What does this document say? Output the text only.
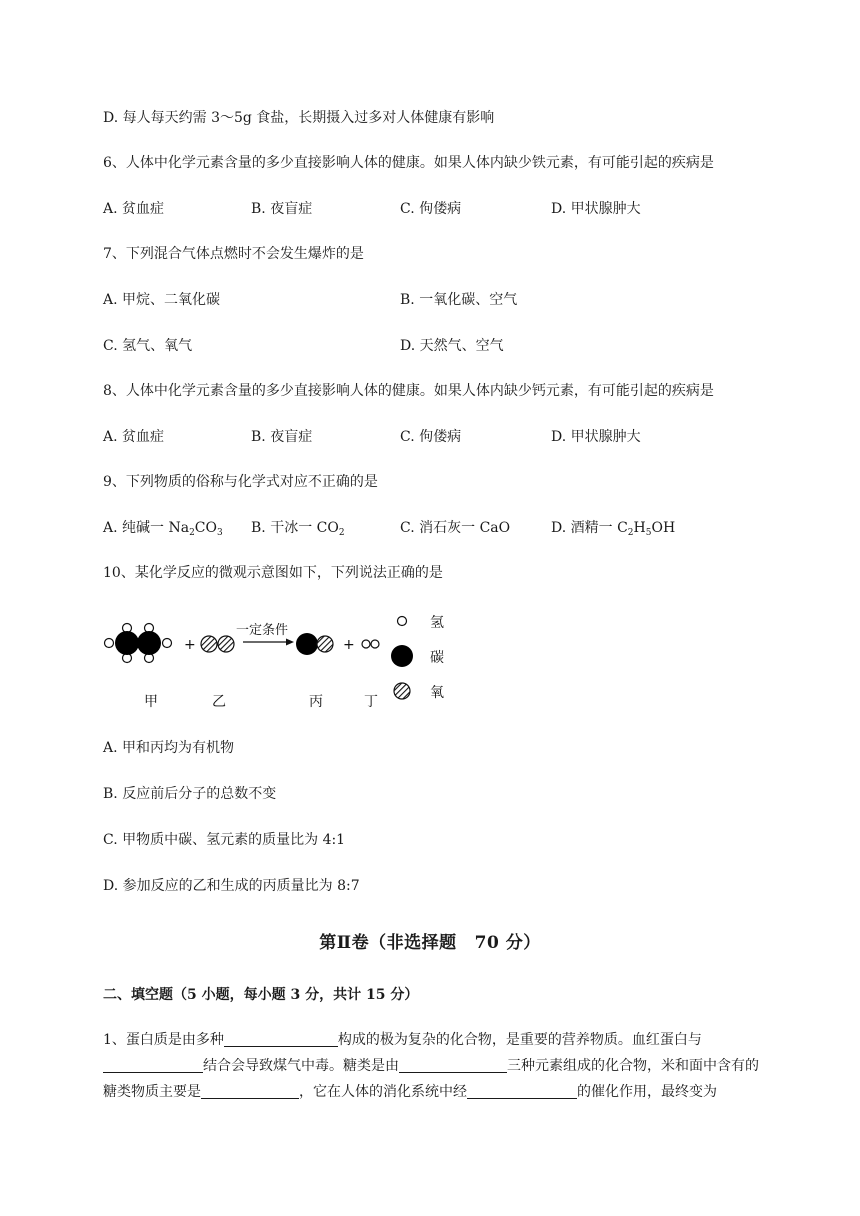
D. 每人每天约需 3～5g 食盐，长期摄入过多对人体健康有影响
6、人体中化学元素含量的多少直接影响人体的健康。如果人体内缺少铁元素，有可能引起的疾病是
A. 贫血症	B. 夜盲症	C. 佝偻病	D. 甲状腺肿大
7、下列混合气体点燃时不会发生爆炸的是
A. 甲烷、二氧化碳	B. 一氧化碳、空气
C. 氢气、氧气	D. 天然气、空气
8、人体中化学元素含量的多少直接影响人体的健康。如果人体内缺少钙元素，有可能引起的疾病是
A. 贫血症	B. 夜盲症	C. 佝偻病	D. 甲状腺肿大
9、下列物质的俗称与化学式对应不正确的是
A. 纯碱一 $Na_2CO_3$ B. 干冰一 $CO_2$	C. 消石灰一 CaO	D. 酒精一 $C_2H_5OH$
10、某化学反应的微观示意图如下，下列说法正确的是
+
一定条件
+
甲	乙	丙	丁
氢
碳
氧
A. 甲和丙均为有机物
B. 反应前后分子的总数不变
C. 甲物质中碳、氢元素的质量比为 4:1
D. 参加反应的乙和生成的丙质量比为 8:7
第Ⅱ卷（非选择题 70 分）
二、填空题（5 小题，每小题 3 分，共计 15 分）
1、蛋白质是由多种	构成的极为复杂的化合物，是重要的营养物质。血红蛋白与
结合会导致煤气中毒。糖类是由	三种元素组成的化合物，米和面中含有的
糖类物质主要是	，它在人体的消化系统中经	的催化作用，最终变为
